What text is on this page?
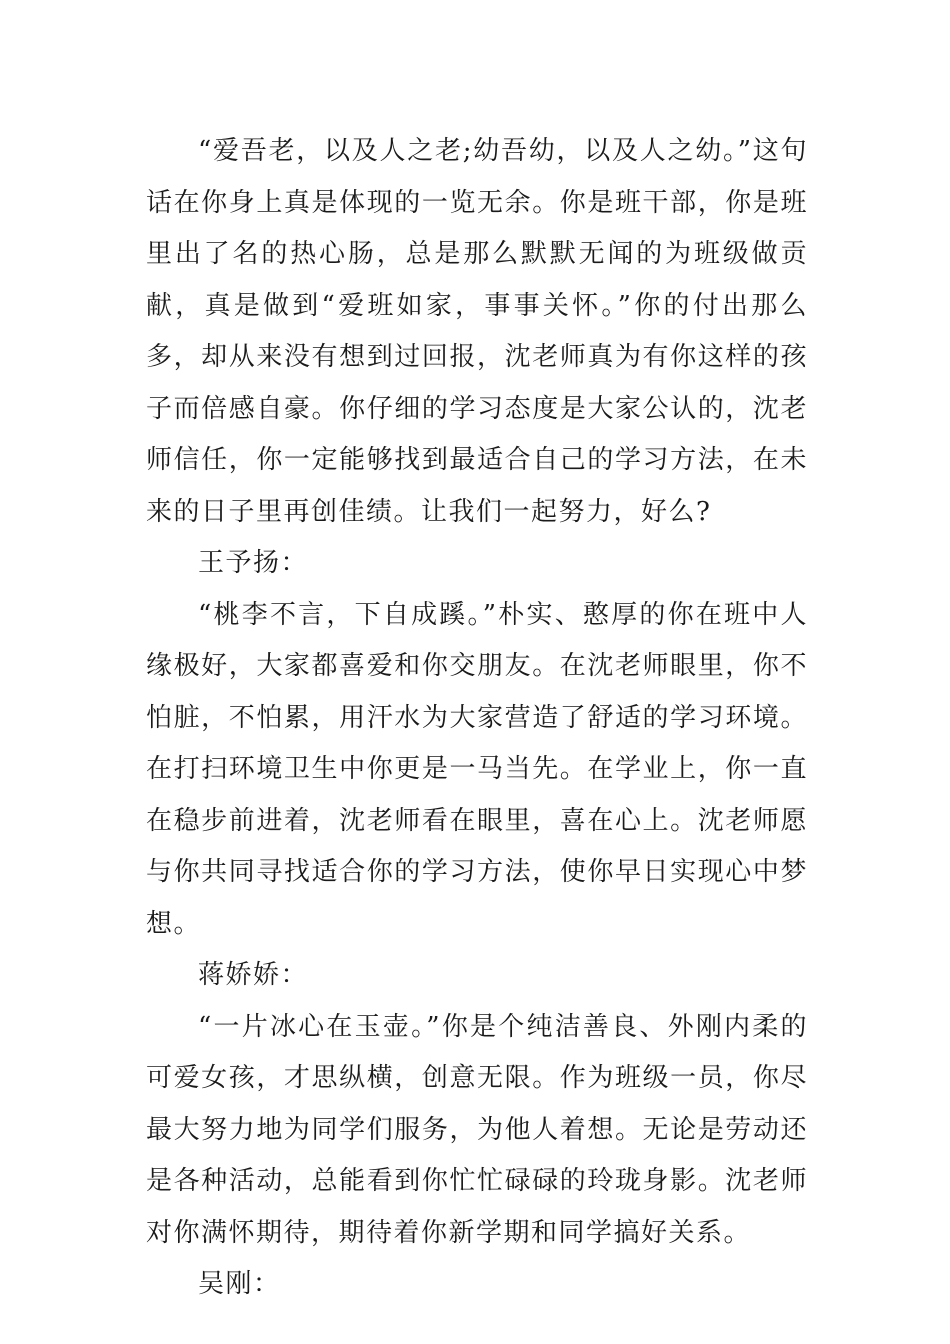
“爱吾老，以及人之老;幼吾幼，以及人之幼。”这句话在你身上真是体现的一览无余。你是班干部，你是班里出了名的热心肠，总是那么默默无闻的为班级做贡献，真是做到“爱班如家，事事关怀。”你的付出那么多，却从来没有想到过回报，沈老师真为有你这样的孩子而倍感自豪。你仔细的学习态度是大家公认的，沈老师信任，你一定能够找到最适合自己的学习方法，在未来的日子里再创佳绩。让我们一起努力，好么?

王予扬：

“桃李不言，下自成蹊。”朴实、憨厚的你在班中人缘极好，大家都喜爱和你交朋友。在沈老师眼里，你不怕脏，不怕累，用汗水为大家营造了舒适的学习环境。在打扫环境卫生中你更是一马当先。在学业上，你一直在稳步前进着，沈老师看在眼里，喜在心上。沈老师愿与你共同寻找适合你的学习方法，使你早日实现心中梦想。

蒋娇娇：

“一片冰心在玉壶。”你是个纯洁善良、外刚内柔的可爱女孩，才思纵横，创意无限。作为班级一员，你尽最大努力地为同学们服务，为他人着想。无论是劳动还是各种活动，总能看到你忙忙碌碌的玲珑身影。沈老师对你满怀期待，期待着你新学期和同学搞好关系。

吴刚：
